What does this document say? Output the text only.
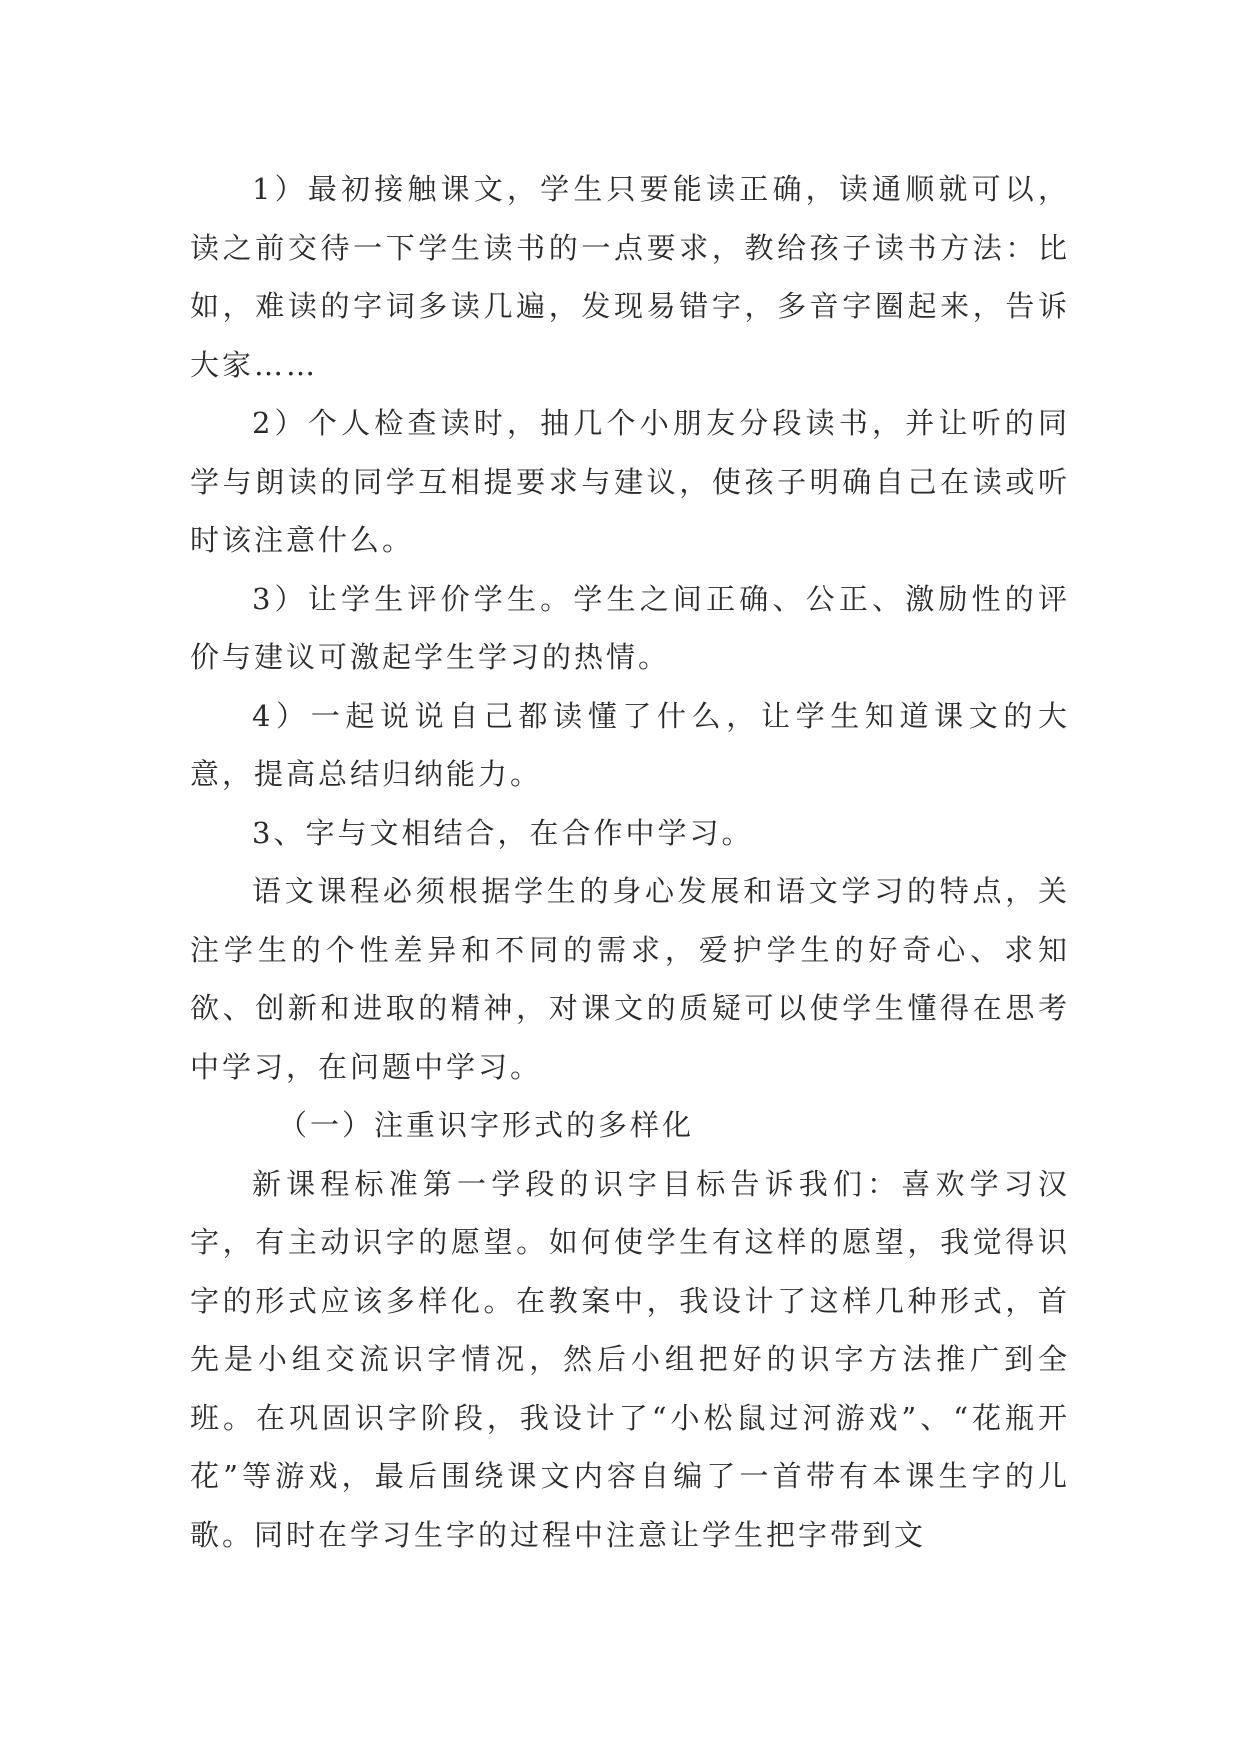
1）最初接触课文，学生只要能读正确，读通顺就可以，读之前交待一下学生读书的一点要求，教给孩子读书方法：比如，难读的字词多读几遍，发现易错字，多音字圈起来，告诉大家……

2）个人检查读时，抽几个小朋友分段读书，并让听的同学与朗读的同学互相提要求与建议，使孩子明确自己在读或听时该注意什么。

3）让学生评价学生。学生之间正确、公正、激励性的评价与建议可激起学生学习的热情。

4）一起说说自己都读懂了什么，让学生知道课文的大意，提高总结归纳能力。

3、字与文相结合，在合作中学习。

语文课程必须根据学生的身心发展和语文学习的特点，关注学生的个性差异和不同的需求，爱护学生的好奇心、求知欲、创新和进取的精神，对课文的质疑可以使学生懂得在思考中学习，在问题中学习。

（一）注重识字形式的多样化

新课程标准第一学段的识字目标告诉我们：喜欢学习汉字，有主动识字的愿望。如何使学生有这样的愿望，我觉得识字的形式应该多样化。在教案中，我设计了这样几种形式，首先是小组交流识字情况，然后小组把好的识字方法推广到全班。在巩固识字阶段，我设计了“小松鼠过河游戏”、“花瓶开花”等游戏，最后围绕课文内容自编了一首带有本课生字的儿歌。同时在学习生字的过程中注意让学生把字带到文
